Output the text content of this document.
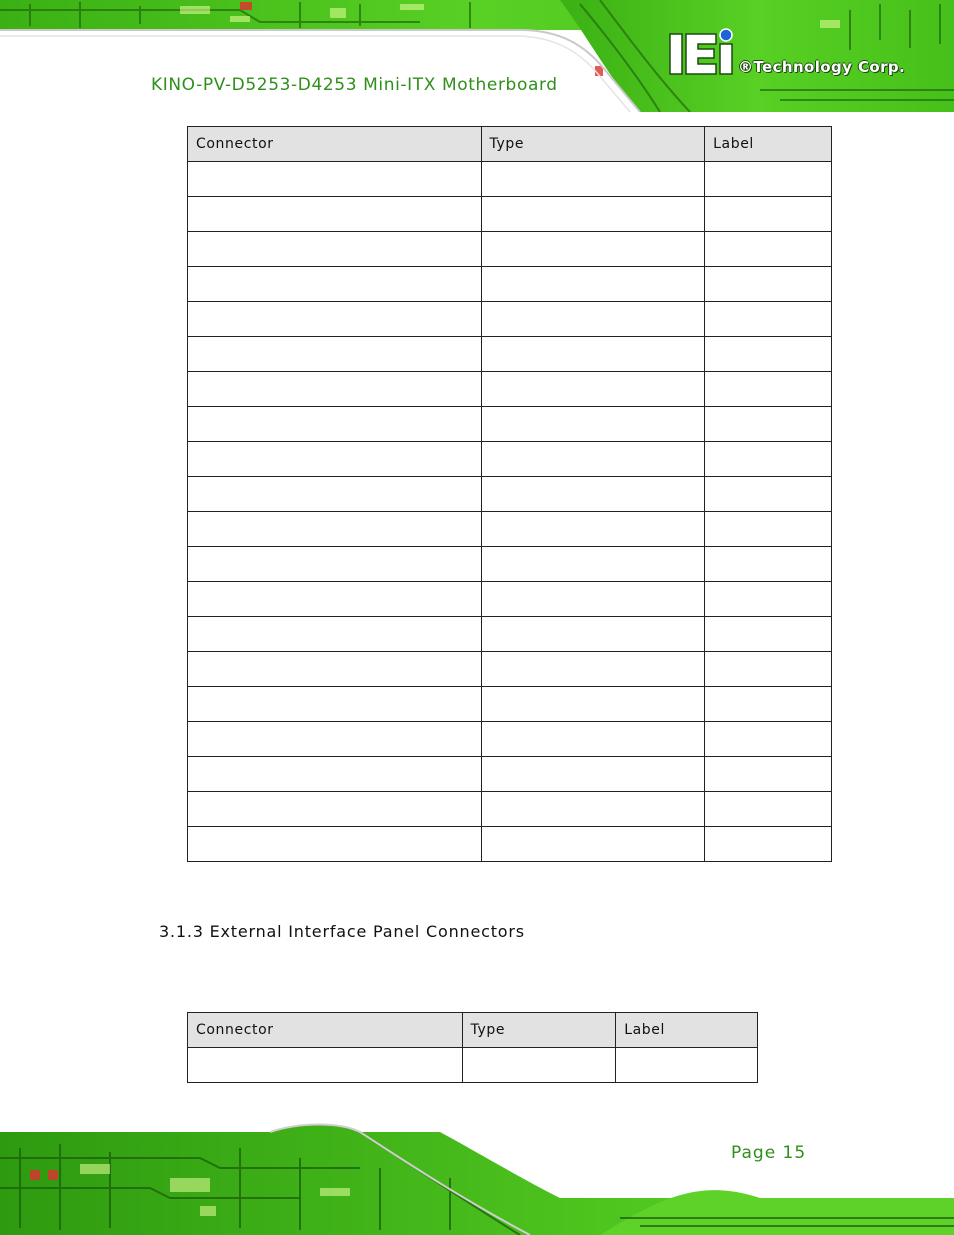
KINO-PV-D5253-D4253 Mini-ITX Motherboard
®Technology Corp.
Connector	Type	Label

3.1.3 External Interface Panel Connectors
Connector	Type	Label

Page 15
